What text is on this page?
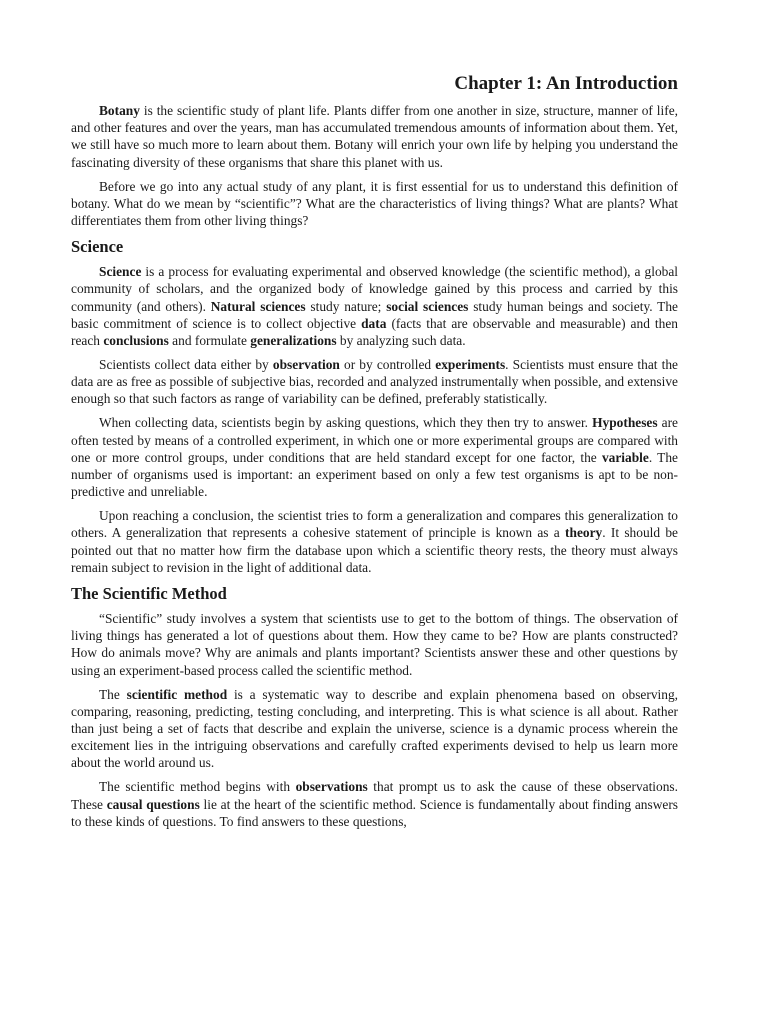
Chapter 1: An Introduction

Botany is the scientific study of plant life. Plants differ from one another in size, structure, manner of life, and other features and over the years, man has accumulated tremendous amounts of information about them. Yet, we still have so much more to learn about them. Botany will enrich your own life by helping you understand the fascinating diversity of these organisms that share this planet with us.

Before we go into any actual study of any plant, it is first essential for us to understand this definition of botany. What do we mean by “scientific”? What are the characteristics of living things? What are plants? What differentiates them from other living things?

Science

Science is a process for evaluating experimental and observed knowledge (the scientific method), a global community of scholars, and the organized body of knowledge gained by this process and carried by this community (and others). Natural sciences study nature; social sciences study human beings and society. The basic commitment of science is to collect objective data (facts that are observable and measurable) and then reach conclusions and formulate generalizations by analyzing such data.

Scientists collect data either by observation or by controlled experiments. Scientists must ensure that the data are as free as possible of subjective bias, recorded and analyzed instrumentally when possible, and extensive enough so that such factors as range of variability can be defined, preferably statistically.

When collecting data, scientists begin by asking questions, which they then try to answer. Hypotheses are often tested by means of a controlled experiment, in which one or more experimental groups are compared with one or more control groups, under conditions that are held standard except for one factor, the variable. The number of organisms used is important: an experiment based on only a few test organisms is apt to be non-predictive and unreliable.

Upon reaching a conclusion, the scientist tries to form a generalization and compares this generalization to others. A generalization that represents a cohesive statement of principle is known as a theory. It should be pointed out that no matter how firm the database upon which a scientific theory rests, the theory must always remain subject to revision in the light of additional data.

The Scientific Method

“Scientific” study involves a system that scientists use to get to the bottom of things. The observation of living things has generated a lot of questions about them. How they came to be? How are plants constructed? How do animals move? Why are animals and plants important? Scientists answer these and other questions by using an experiment-based process called the scientific method.

The scientific method is a systematic way to describe and explain phenomena based on observing, comparing, reasoning, predicting, testing concluding, and interpreting. This is what science is all about. Rather than just being a set of facts that describe and explain the universe, science is a dynamic process wherein the excitement lies in the intriguing observations and carefully crafted experiments devised to help us learn more about the world around us.

The scientific method begins with observations that prompt us to ask the cause of these observations. These causal questions lie at the heart of the scientific method. Science is fundamentally about finding answers to these kinds of questions. To find answers to these questions,
